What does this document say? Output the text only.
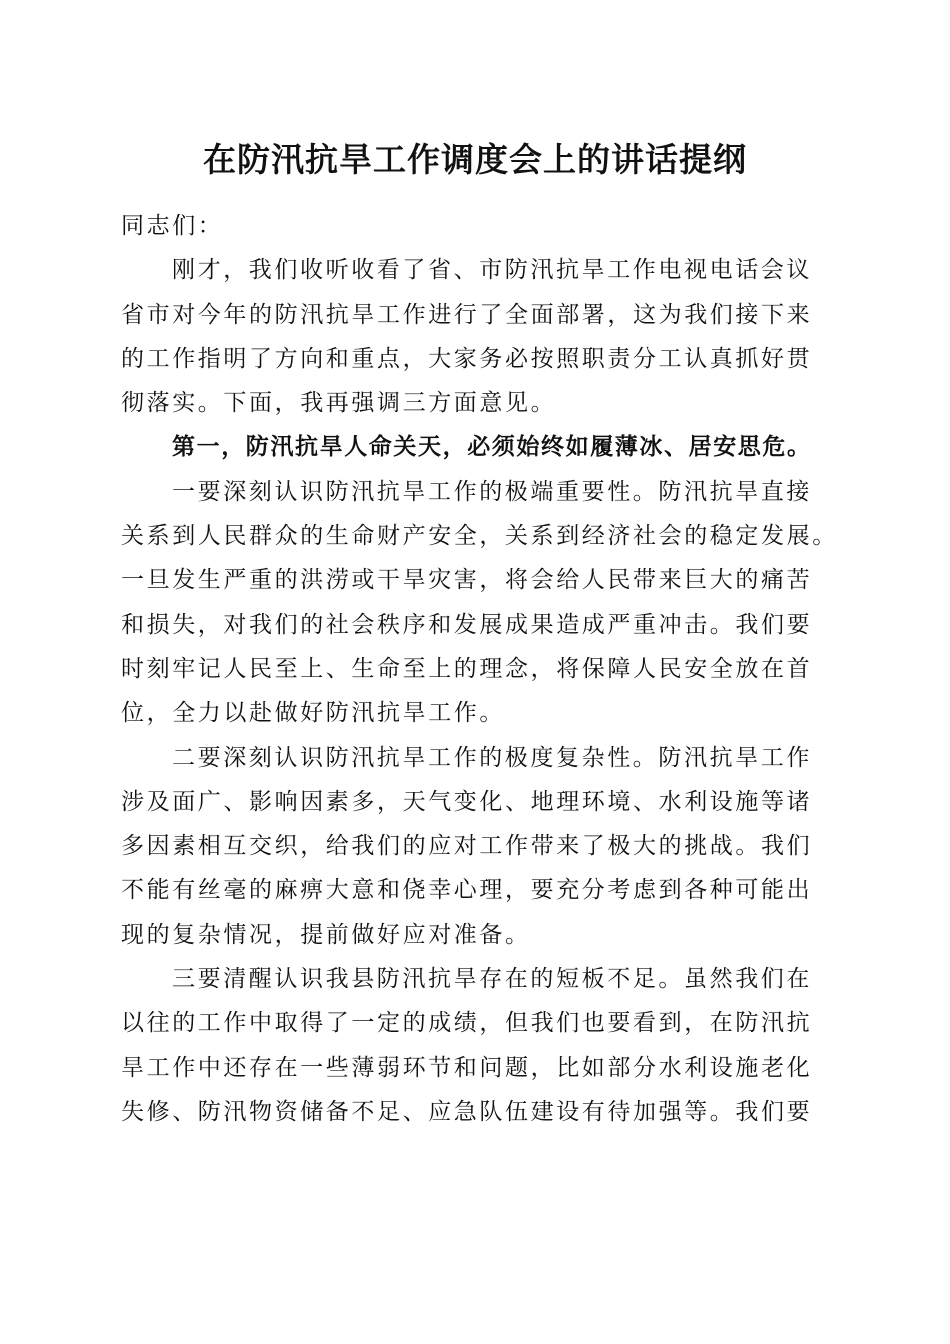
在防汛抗旱工作调度会上的讲话提纲

同志们：

刚才，我们收听收看了省、市防汛抗旱工作电视电话会议
省市对今年的防汛抗旱工作进行了全面部署，这为我们接下来
的工作指明了方向和重点，大家务必按照职责分工认真抓好贯
彻落实。下面，我再强调三方面意见。

第一，防汛抗旱人命关天，必须始终如履薄冰、居安思危。

一要深刻认识防汛抗旱工作的极端重要性。防汛抗旱直接
关系到人民群众的生命财产安全，关系到经济社会的稳定发展。
一旦发生严重的洪涝或干旱灾害，将会给人民带来巨大的痛苦
和损失，对我们的社会秩序和发展成果造成严重冲击。我们要
时刻牢记人民至上、生命至上的理念，将保障人民安全放在首
位，全力以赴做好防汛抗旱工作。

二要深刻认识防汛抗旱工作的极度复杂性。防汛抗旱工作
涉及面广、影响因素多，天气变化、地理环境、水利设施等诸
多因素相互交织，给我们的应对工作带来了极大的挑战。我们
不能有丝毫的麻痹大意和侥幸心理，要充分考虑到各种可能出
现的复杂情况，提前做好应对准备。

三要清醒认识我县防汛抗旱存在的短板不足。虽然我们在
以往的工作中取得了一定的成绩，但我们也要看到，在防汛抗
旱工作中还存在一些薄弱环节和问题，比如部分水利设施老化
失修、防汛物资储备不足、应急队伍建设有待加强等。我们要
